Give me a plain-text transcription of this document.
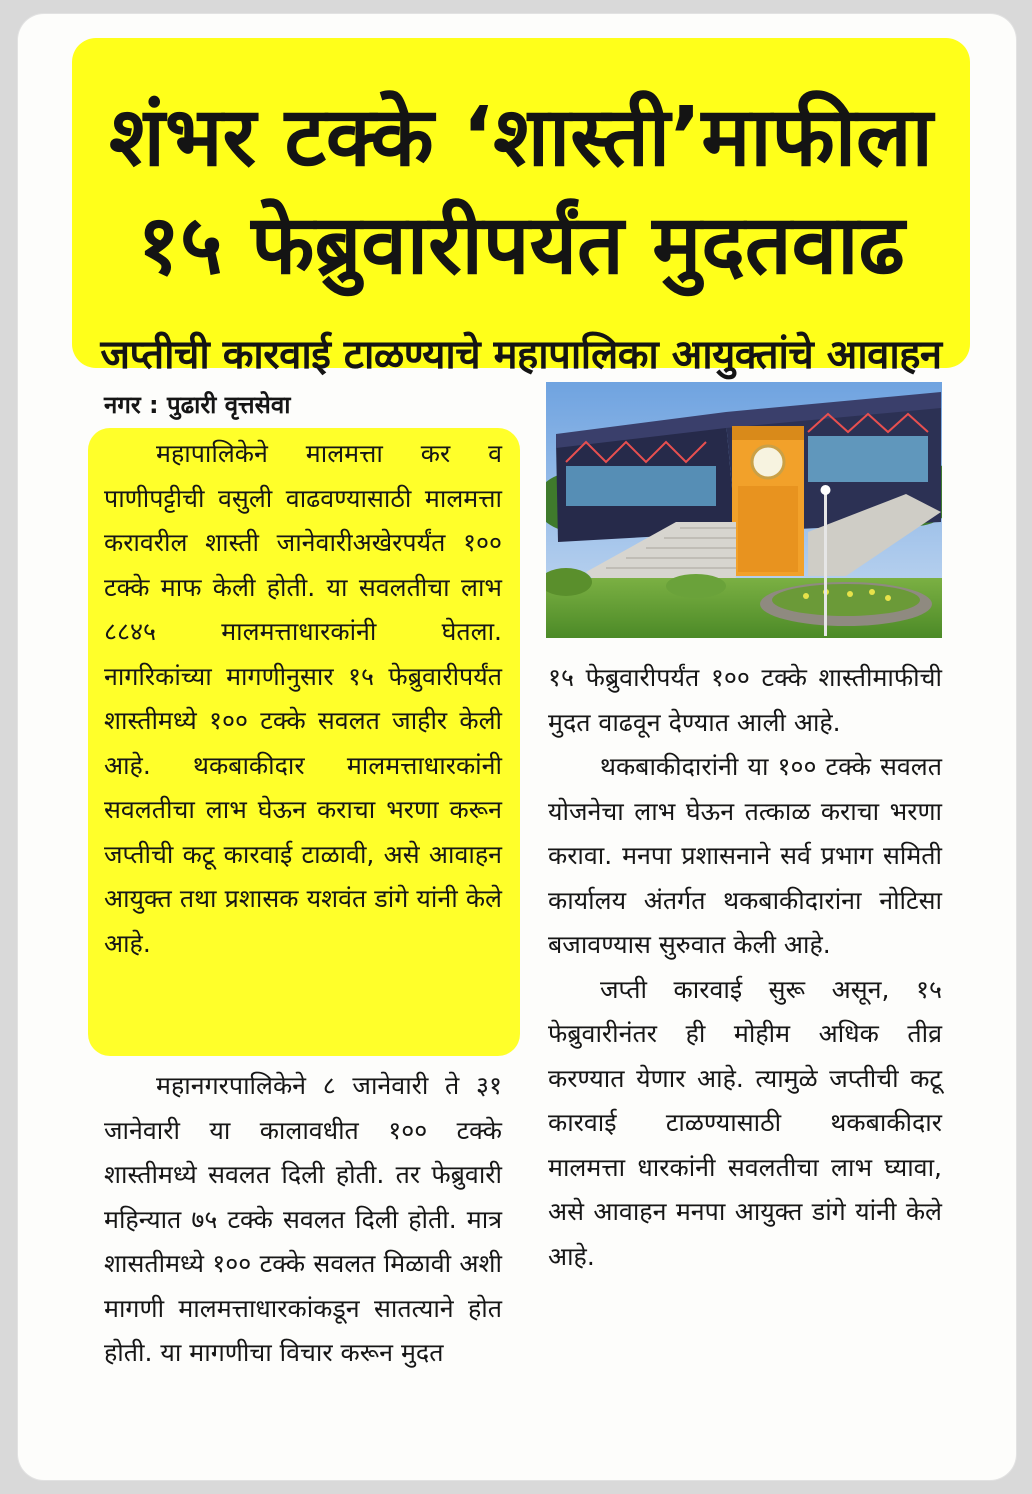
शंभर टक्के ‘शास्ती’माफीला
१५ फेब्रुवारीपर्यंत मुदतवाढ
जप्तीची कारवाई टाळण्याचे महापालिका आयुक्तांचे आवाहन
नगर : पुढारी वृत्तसेवा

महापालिकेने मालमत्ता कर व पाणीपट्टीची वसुली वाढवण्यासाठी मालमत्ता करावरील शास्ती जानेवारीअखेरपर्यंत १०० टक्के माफ केली होती. या सवलतीचा लाभ ८८४५ मालमत्ताधारकांनी घेतला. नागरिकांच्या मागणीनुसार १५ फेब्रुवारीपर्यंत शास्तीमध्ये १०० टक्के सवलत जाहीर केली आहे. थकबाकीदार मालमत्ताधारकांनी सवलतीचा लाभ घेऊन कराचा भरणा करून जप्तीची कटू कारवाई टाळावी, असे आवाहन आयुक्त तथा प्रशासक यशवंत डांगे यांनी केले आहे.

महानगरपालिकेने ८ जानेवारी ते ३१ जानेवारी या कालावधीत १०० टक्के शास्तीमध्ये सवलत दिली होती. तर फेब्रुवारी महिन्यात ७५ टक्के सवलत दिली होती. मात्र शासतीमध्ये १०० टक्के सवलत मिळावी अशी मागणी मालमत्ताधारकांकडून सातत्याने होत होती. या मागणीचा विचार करून मुदत

१५ फेब्रुवारीपर्यंत १०० टक्के शास्तीमाफीची मुदत वाढवून देण्यात आली आहे.

थकबाकीदारांनी या १०० टक्के सवलत योजनेचा लाभ घेऊन तत्काळ कराचा भरणा करावा. मनपा प्रशासनाने सर्व प्रभाग समिती कार्यालय अंतर्गत थकबाकीदारांना नोटिसा बजावण्यास सुरुवात केली आहे.

जप्ती कारवाई सुरू असून, १५ फेब्रुवारीनंतर ही मोहीम अधिक तीव्र करण्यात येणार आहे. त्यामुळे जप्तीची कटू कारवाई टाळण्यासाठी थकबाकीदार मालमत्ता धारकांनी सवलतीचा लाभ घ्यावा, असे आवाहन मनपा आयुक्त डांगे यांनी केले आहे.
